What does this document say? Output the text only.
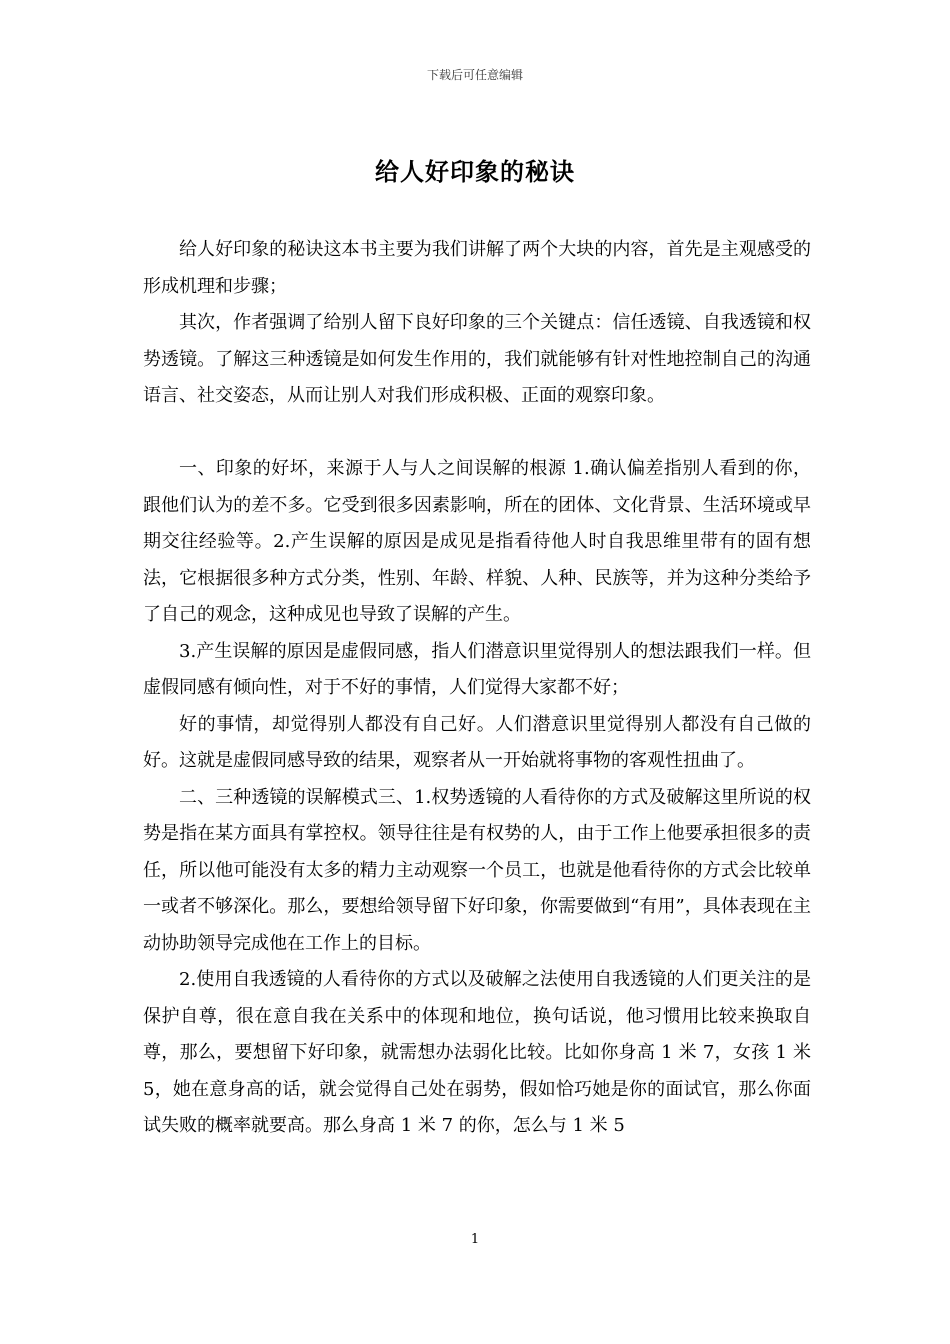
下载后可任意编辑
给人好印象的秘诀

给人好印象的秘诀这本书主要为我们讲解了两个大块的内容，首先是主观感受的形成机理和步骤；

其次，作者强调了给别人留下良好印象的三个关键点：信任透镜、自我透镜和权势透镜。了解这三种透镜是如何发生作用的，我们就能够有针对性地控制自己的沟通语言、社交姿态，从而让别人对我们形成积极、正面的观察印象。

一、印象的好坏，来源于人与人之间误解的根源 1.确认偏差指别人看到的你，跟他们认为的差不多。它受到很多因素影响，所在的团体、文化背景、生活环境或早期交往经验等。2.产生误解的原因是成见是指看待他人时自我思维里带有的固有想法，它根据很多种方式分类，性别、年龄、样貌、人种、民族等，并为这种分类给予了自己的观念，这种成见也导致了误解的产生。

3.产生误解的原因是虚假同感，指人们潜意识里觉得别人的想法跟我们一样。但虚假同感有倾向性，对于不好的事情，人们觉得大家都不好；

好的事情，却觉得别人都没有自己好。人们潜意识里觉得别人都没有自己做的好。这就是虚假同感导致的结果，观察者从一开始就将事物的客观性扭曲了。

二、三种透镜的误解模式三、1.权势透镜的人看待你的方式及破解这里所说的权势是指在某方面具有掌控权。领导往往是有权势的人，由于工作上他要承担很多的责任，所以他可能没有太多的精力主动观察一个员工，也就是他看待你的方式会比较单一或者不够深化。那么，要想给领导留下好印象，你需要做到“有用”，具体表现在主动协助领导完成他在工作上的目标。

2.使用自我透镜的人看待你的方式以及破解之法使用自我透镜的人们更关注的是保护自尊，很在意自我在关系中的体现和地位，换句话说，他习惯用比较来换取自尊，那么，要想留下好印象，就需想办法弱化比较。比如你身高 1 米 7，女孩 1 米 5，她在意身高的话，就会觉得自己处在弱势，假如恰巧她是你的面试官，那么你面试失败的概率就要高。那么身高 1 米 7 的你，怎么与 1 米 5

1
